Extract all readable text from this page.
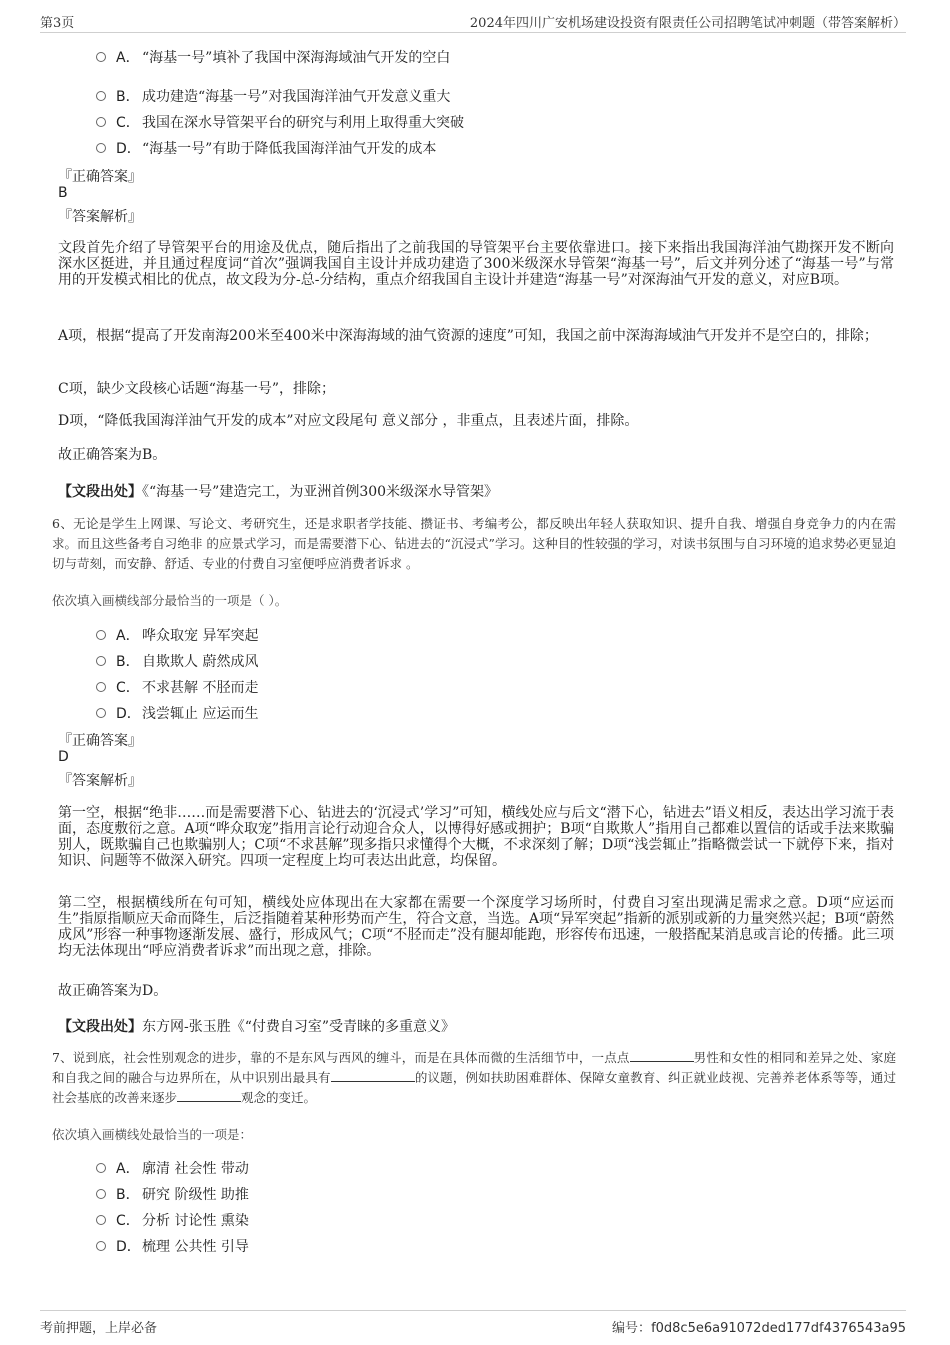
第3页	2024年四川广安机场建设投资有限责任公司招聘笔试冲刺题（带答案解析）
A． “海基一号”填补了我国中深海海域油气开发的空白
B． 成功建造“海基一号”对我国海洋油气开发意义重大
C． 我国在深水导管架平台的研究与利用上取得重大突破
D．“海基一号”有助于降低我国海洋油气开发的成本
『正确答案』
B
『答案解析』
文段首先介绍了导管架平台的用途及优点，随后指出了之前我国的导管架平台主要依靠进口。接下来指出我国海洋油气勘探开发不断向深水区挺进，并且通过程度词“首次”强调我国自主设计并成功建造了300米级深水导管架“海基一号”，后文并列分述了“海基一号”与常用的开发模式相比的优点，故文段为分-总-分结构，重点介绍我国自主设计并建造“海基一号”对深海油气开发的意义，对应B项。
A项，根据“提高了开发南海200米至400米中深海海域的油气资源的速度”可知，我国之前中深海海域油气开发并不是空白的，排除；
C项，缺少文段核心话题“海基一号”，排除；
D项，“降低我国海洋油气开发的成本”对应文段尾句 意义部分 ，非重点，且表述片面，排除。
故正确答案为B。
【文段出处】《“海基一号”建造完工，为亚洲首例300米级深水导管架》
6、无论是学生上网课、写论文、考研究生，还是求职者学技能、攒证书、考编考公，都反映出年轻人获取知识、提升自我、增强自身竞争力的内在需求。而且这些备考自习绝非 的应景式学习，而是需要潜下心、钻进去的“沉浸式”学习。这种目的性较强的学习，对读书氛围与自习环境的追求势必更显迫切与苛刻，而安静、舒适、专业的付费自习室便呼应消费者诉求 。
依次填入画横线部分最恰当的一项是（ ）。
A． 哗众取宠 异军突起
B． 自欺欺人 蔚然成风
C． 不求甚解 不胫而走
D．浅尝辄止 应运而生
『正确答案』
D
『答案解析』
第一空，根据“绝非……而是需要潜下心、钻进去的‘沉浸式’学习”可知，横线处应与后文“潜下心，钻进去”语义相反，表达出学习流于表面，态度敷衍之意。A项“哗众取宠”指用言论行动迎合众人，以博得好感或拥护；B项“自欺欺人”指用自己都难以置信的话或手法来欺骗别人，既欺骗自己也欺骗别人；C项“不求甚解”现多指只求懂得个大概，不求深刻了解；D项“浅尝辄止”指略微尝试一下就停下来，指对知识、问题等不做深入研究。四项一定程度上均可表达出此意，均保留。
第二空，根据横线所在句可知，横线处应体现出在大家都在需要一个深度学习场所时，付费自习室出现满足需求之意。D项“应运而生”指原指顺应天命而降生，后泛指随着某种形势而产生，符合文意，当选。A项“异军突起”指新的派别或新的力量突然兴起；B项“蔚然成风”形容一种事物逐渐发展、盛行，形成风气；C项“不胫而走”没有腿却能跑，形容传布迅速，一般搭配某消息或言论的传播。此三项均无法体现出“呼应消费者诉求”而出现之意，排除。
故正确答案为D。
【文段出处】东方网-张玉胜《“付费自习室”受青睐的多重意义》
7、说到底，社会性别观念的进步，靠的不是东风与西风的缠斗，而是在具体而微的生活细节中，一点点	男性和女性的相同和差异之处、家庭和自我之间的融合与边界所在，从中识别出最具有	的议题，例如扶助困难群体、保障女童教育、纠正就业歧视、完善养老体系等等，通过社会基底的改善来逐步	观念的变迁。
依次填入画横线处最恰当的一项是：
A． 廓清 社会性 带动
B． 研究 阶级性 助推
C． 分析 讨论性 熏染
D．梳理 公共性 引导
考前押题，上岸必备	编号：f0d8c5e6a91072ded177df4376543a95
